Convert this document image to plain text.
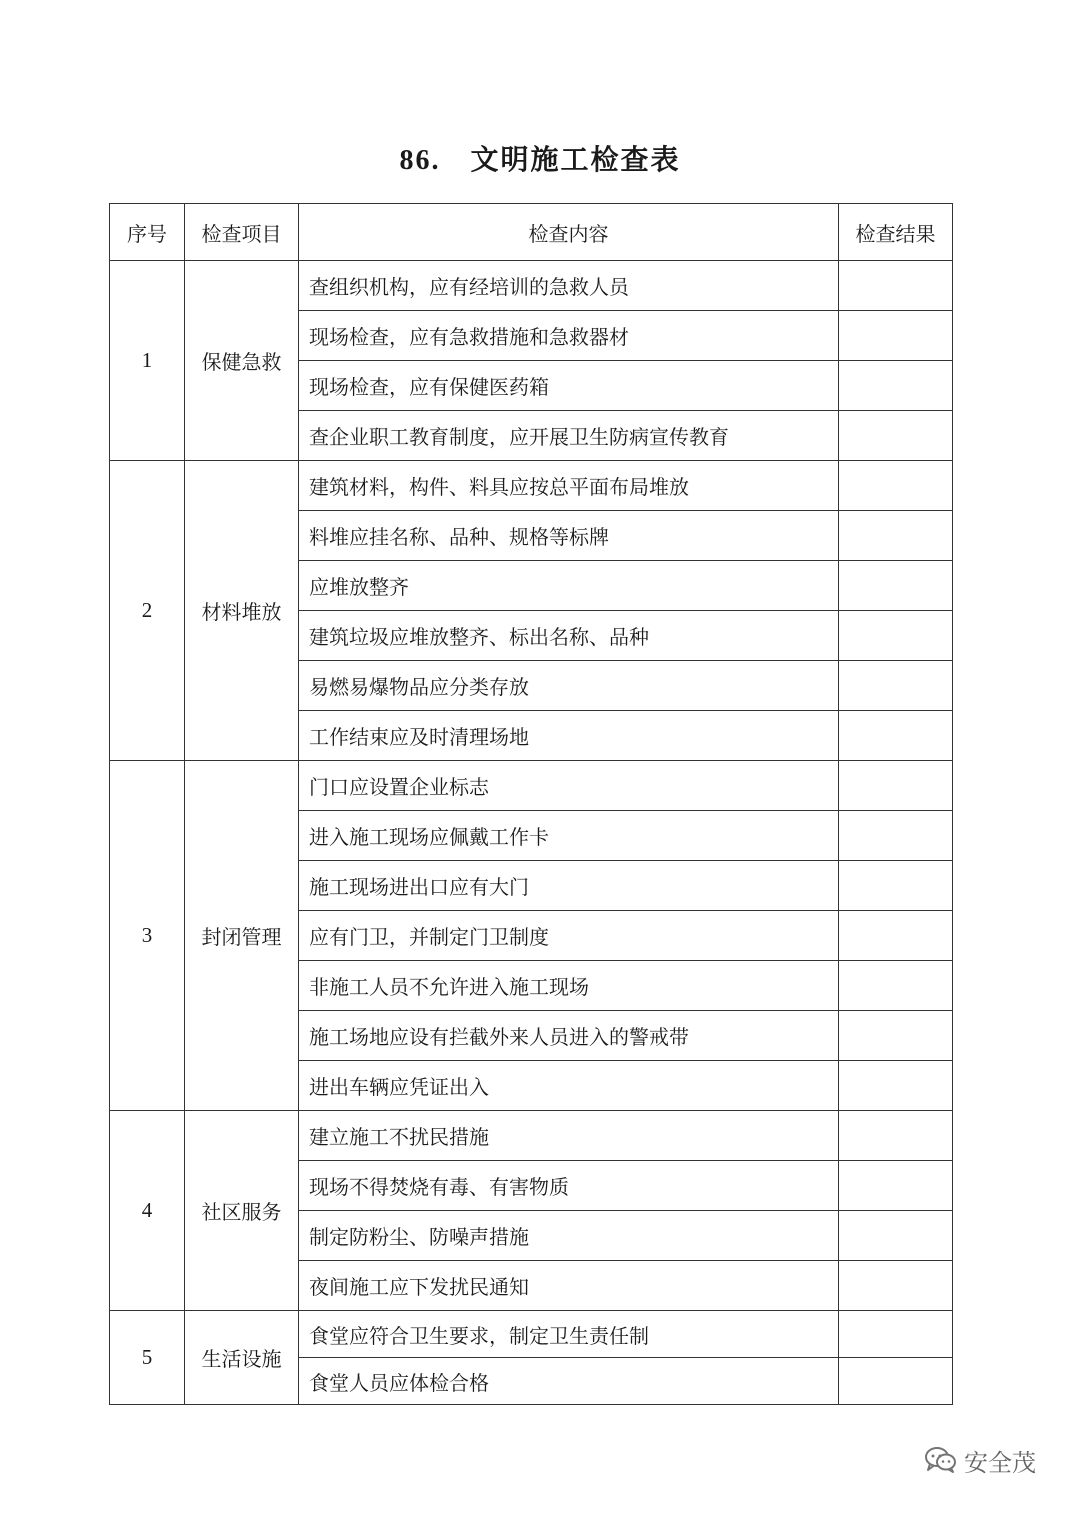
86. 文明施工检查表
序号	检查项目	检查内容	检查结果
1	保健急救	查组织机构，应有经培训的急救人员	
		现场检查，应有急救措施和急救器材	
		现场检查，应有保健医药箱	
		查企业职工教育制度，应开展卫生防病宣传教育	
2	材料堆放	建筑材料，构件、料具应按总平面布局堆放	
		料堆应挂名称、品种、规格等标牌	
		应堆放整齐	
		建筑垃圾应堆放整齐、标出名称、品种	
		易燃易爆物品应分类存放	
		工作结束应及时清理场地	
3	封闭管理	门口应设置企业标志	
		进入施工现场应佩戴工作卡	
		施工现场进出口应有大门	
		应有门卫，并制定门卫制度	
		非施工人员不允许进入施工现场	
		施工场地应设有拦截外来人员进入的警戒带	
		进出车辆应凭证出入	
4	社区服务	建立施工不扰民措施	
		现场不得焚烧有毒、有害物质	
		制定防粉尘、防噪声措施	
		夜间施工应下发扰民通知	
5	生活设施	食堂应符合卫生要求，制定卫生责任制	
		食堂人员应体检合格	
安全茂
